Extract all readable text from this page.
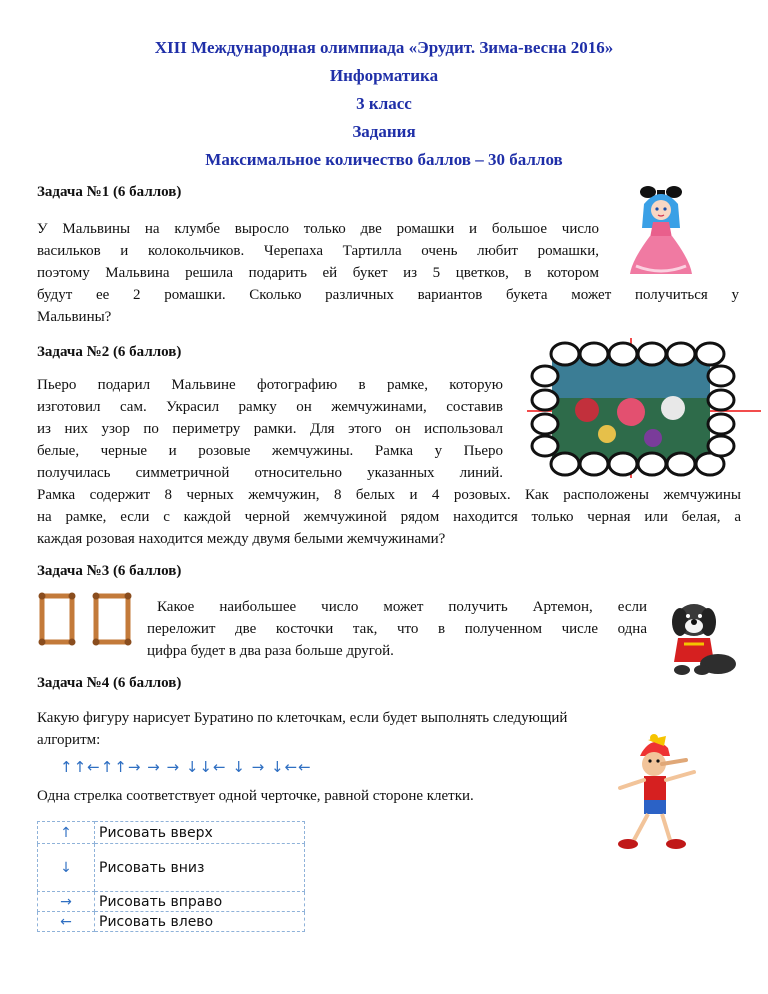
XIII Международная олимпиада «Эрудит. Зима-весна 2016»
Информатика
3 класс
Задания
Максимальное количество баллов – 30 баллов
Задача №1 (6 баллов)
У Мальвины на клумбе выросло только две ромашки и большое число
васильков и колокольчиков. Черепаха Тартилла очень любит ромашки,
поэтому Мальвина решила подарить ей букет из 5 цветков, в котором
будут ее 2 ромашки. Сколько различных вариантов букета может получиться у
Мальвины?
Задача №2 (6 баллов)
Пьеро подарил Мальвине фотографию в рамке, которую
изготовил сам. Украсил рамку он жемчужинами, составив
из них узор по периметру рамки. Для этого он использовал
белые, черные и розовые жемчужины. Рамка у Пьеро
получилась симметричной относительно указанных линий.
Рамка содержит 8 черных жемчужин, 8 белых и 4 розовых. Как расположены жемчужины
на рамке, если с каждой черной жемчужиной рядом находится только черная или белая, а
каждая розовая находится между двумя белыми жемчужинами?
Задача №3 (6 баллов)
Какое наибольшее число может получить Артемон, если
переложит две косточки так, что в полученном числе одна
цифра будет в два раза больше другой.
Задача №4 (6 баллов)
Какую фигуру нарисует Буратино по клеточкам, если будет выполнять следующий
алгоритм:
↑↑←↑↑→ → → ↓↓← ↓ → ↓←←
Одна стрелка соответствует одной черточке, равной стороне клетки.
↑	Рисовать вверх
↓	Рисовать вниз
→	Рисовать вправо
←	Рисовать влево
